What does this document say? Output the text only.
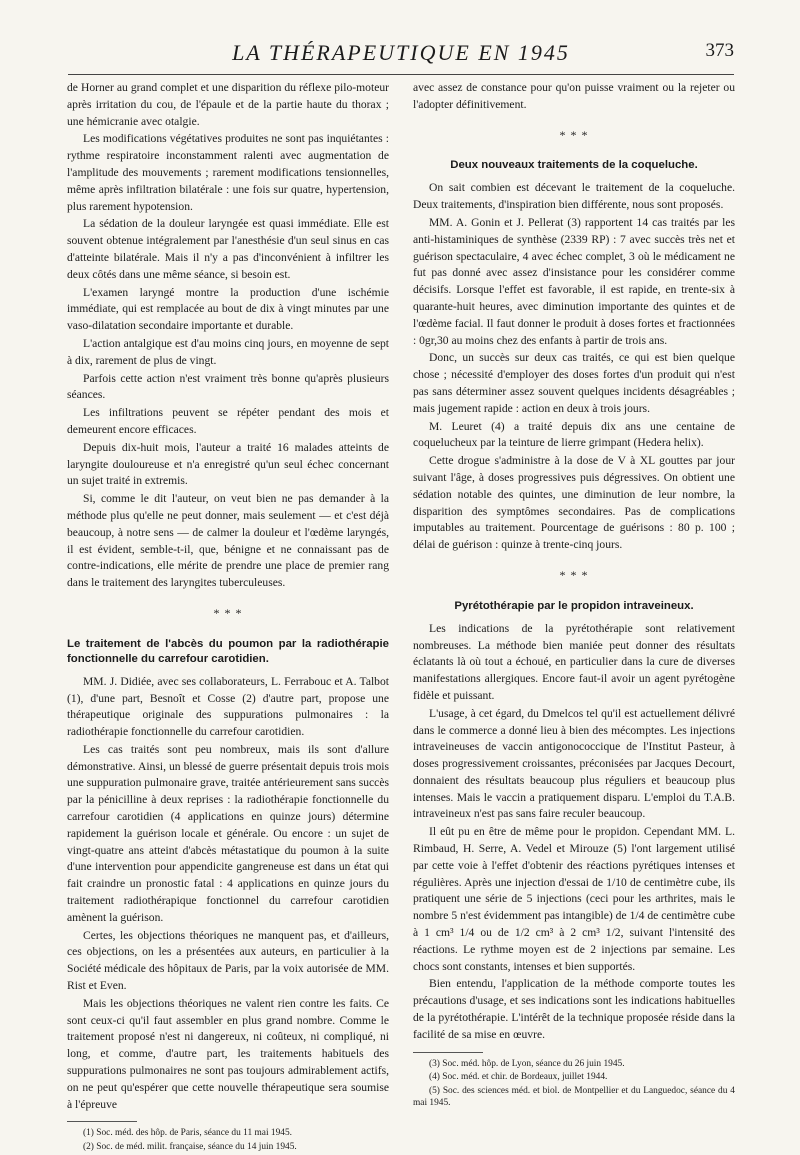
LA THÉRAPEUTIQUE EN 1945	373

de Horner au grand complet et une disparition du réflexe pilo-moteur après irritation du cou, de l'épaule et de la partie haute du thorax ; une hémicranie avec otalgie.

Les modifications végétatives produites ne sont pas inquiétantes : rythme respiratoire inconstamment ralenti avec augmentation de l'amplitude des mouvements ; rarement modifications tensionnelles, même après infiltration bilatérale : une fois sur quatre, hypertension, plus rarement hypotension.

La sédation de la douleur laryngée est quasi immédiate. Elle est souvent obtenue intégralement par l'anesthésie d'un seul sinus en cas d'atteinte bilatérale. Mais il n'y a pas d'inconvénient à infiltrer les deux côtés dans une même séance, si besoin est.

L'examen laryngé montre la production d'une ischémie immédiate, qui est remplacée au bout de dix à vingt minutes par une vaso-dilatation secondaire importante et durable.

L'action antalgique est d'au moins cinq jours, en moyenne de sept à dix, rarement de plus de vingt.

Parfois cette action n'est vraiment très bonne qu'après plusieurs séances.

Les infiltrations peuvent se répéter pendant des mois et demeurent encore efficaces.

Depuis dix-huit mois, l'auteur a traité 16 malades atteints de laryngite douloureuse et n'a enregistré qu'un seul échec concernant un sujet traité in extremis.

Si, comme le dit l'auteur, on veut bien ne pas demander à la méthode plus qu'elle ne peut donner, mais seulement — et c'est déjà beaucoup, à notre sens — de calmer la douleur et l'œdème laryngés, il est évident, semble-t-il, que, bénigne et ne connaissant pas de contre-indications, elle mérite de prendre une place de premier rang dans le traitement des laryngites tuberculeuses.

* * *
Le traitement de l'abcès du poumon par la radiothérapie fonctionnelle du carrefour carotidien.

MM. J. Didiée, avec ses collaborateurs, L. Ferrabouc et A. Talbot (1), d'une part, Besnoît et Cosse (2) d'autre part, propose une thérapeutique originale des suppurations pulmonaires : la radiothérapie fonctionnelle du carrefour carotidien.

Les cas traités sont peu nombreux, mais ils sont d'allure démonstrative. Ainsi, un blessé de guerre présentait depuis trois mois une suppuration pulmonaire grave, traitée antérieurement sans succès par la pénicilline à deux reprises : la radiothérapie fonctionnelle du carrefour carotidien (4 applications en quinze jours) détermine rapidement la guérison locale et générale. Ou encore : un sujet de vingt-quatre ans atteint d'abcès métastatique du poumon à la suite d'une intervention pour appendicite gangreneuse est dans un état qui fait craindre un pronostic fatal : 4 applications en quinze jours du traitement radiothérapique fonctionnel du carrefour carotidien amènent la guérison.

Certes, les objections théoriques ne manquent pas, et d'ailleurs, ces objections, on les a présentées aux auteurs, en particulier à la Société médicale des hôpitaux de Paris, par la voix autorisée de MM. Rist et Even.

Mais les objections théoriques ne valent rien contre les faits. Ce sont ceux-ci qu'il faut assembler en plus grand nombre. Comme le traitement proposé n'est ni dangereux, ni coûteux, ni compliqué, ni long, et comme, d'autre part, les traitements habituels des suppurations pulmonaires ne sont pas toujours admirablement actifs, on ne peut qu'espérer que cette nouvelle thérapeutique sera soumise à l'épreuve

(1) Soc. méd. des hôp. de Paris, séance du 11 mai 1945.

(2) Soc. de méd. milit. française, séance du 14 juin 1945.

avec assez de constance pour qu'on puisse vraiment ou la rejeter ou l'adopter définitivement.

* * *
Deux nouveaux traitements de la coqueluche.

On sait combien est décevant le traitement de la coqueluche. Deux traitements, d'inspiration bien différente, nous sont proposés.

MM. A. Gonin et J. Pellerat (3) rapportent 14 cas traités par les anti-histaminiques de synthèse (2339 RP) : 7 avec succès très net et guérison spectaculaire, 4 avec échec complet, 3 où le médicament ne fut pas donné avec assez d'insistance pour les considérer comme décisifs. Lorsque l'effet est favorable, il est rapide, en trente-six à quarante-huit heures, avec diminution importante des quintes et de l'œdème facial. Il faut donner le produit à doses fortes et fractionnées : 0gr,30 au moins chez des enfants à partir de trois ans.

Donc, un succès sur deux cas traités, ce qui est bien quelque chose ; nécessité d'employer des doses fortes d'un produit qui n'est pas sans déterminer assez souvent quelques incidents désagréables ; mais jugement rapide : action en deux à trois jours.

M. Leuret (4) a traité depuis dix ans une centaine de coquelucheux par la teinture de lierre grimpant (Hedera helix).

Cette drogue s'administre à la dose de V à XL gouttes par jour suivant l'âge, à doses progressives puis dégressives. On obtient une sédation notable des quintes, une diminution de leur nombre, la disparition des symptômes secondaires. Pas de complications imputables au traitement. Pourcentage de guérisons : 80 p. 100 ; délai de guérison : quinze à trente-cinq jours.

* * *
Pyrétothérapie par le propidon intraveineux.

Les indications de la pyrétothérapie sont relativement nombreuses. La méthode bien maniée peut donner des résultats éclatants là où tout a échoué, en particulier dans la cure de diverses manifestations allergiques. Encore faut-il avoir un agent pyrétogène fidèle et puissant.

L'usage, à cet égard, du Dmelcos tel qu'il est actuellement délivré dans le commerce a donné lieu à bien des mécomptes. Les injections intraveineuses de vaccin antigonococcique de l'Institut Pasteur, à doses progressivement croissantes, préconisées par Jacques Decourt, donnaient des résultats beaucoup plus réguliers et beaucoup plus intenses. Mais le vaccin a pratiquement disparu. L'emploi du T.A.B. intraveineux n'est pas sans faire reculer beaucoup.

Il eût pu en être de même pour le propidon. Cependant MM. L. Rimbaud, H. Serre, A. Vedel et Mirouze (5) l'ont largement utilisé par cette voie à l'effet d'obtenir des réactions pyrétiques intenses et régulières. Après une injection d'essai de 1/10 de centimètre cube, ils pratiquent une série de 5 injections (ceci pour les arthrites, mais le nombre 5 n'est évidemment pas intangible) de 1/4 de centimètre cube à 1 cm³ 1/4 ou de 1/2 cm³ à 2 cm³ 1/2, suivant l'intensité des réactions. Le rythme moyen est de 2 injections par semaine. Les chocs sont constants, intenses et bien supportés.

Bien entendu, l'application de la méthode comporte toutes les précautions d'usage, et ses indications sont les indications habituelles de la pyrétothérapie. L'intérêt de la technique proposée réside dans la facilité de sa mise en œuvre.

(3) Soc. méd. hôp. de Lyon, séance du 26 juin 1945.

(4) Soc. méd. et chir. de Bordeaux, juillet 1944.

(5) Soc. des sciences méd. et biol. de Montpellier et du Languedoc, séance du 4 mai 1945.
